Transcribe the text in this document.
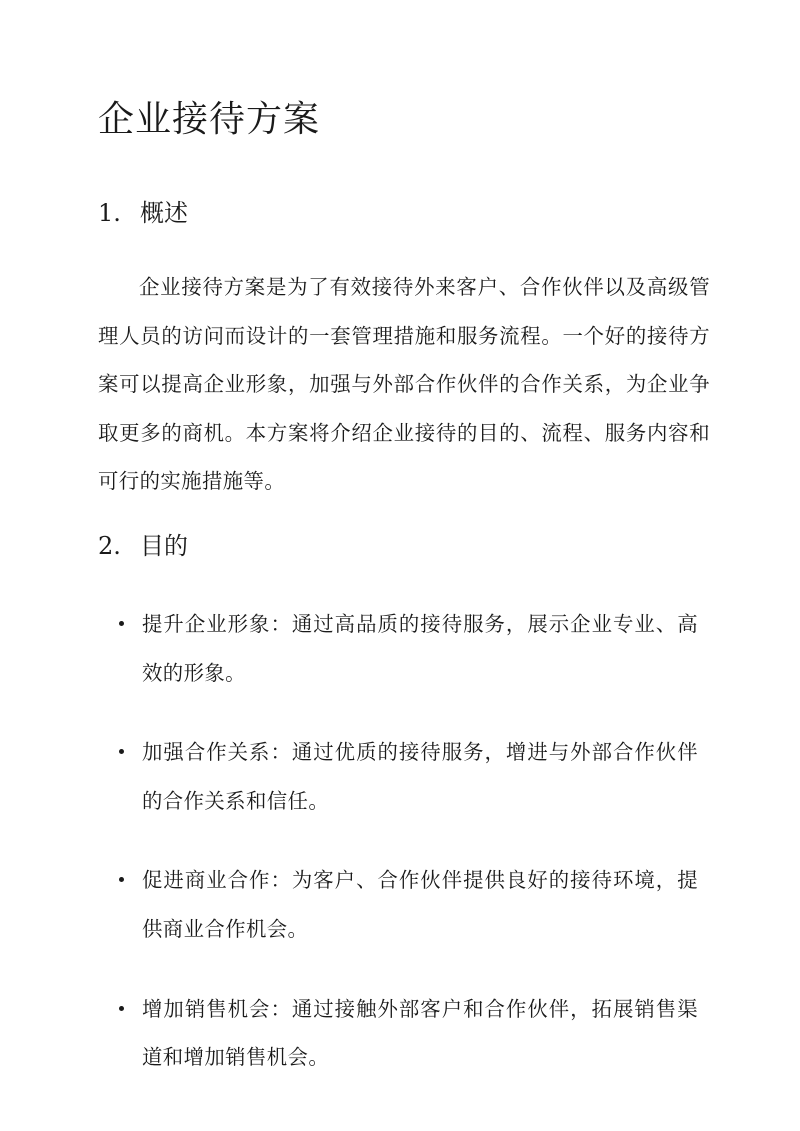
企业接待方案
1. 概述

企业接待方案是为了有效接待外来客户、合作伙伴以及高级管理人员的访问而设计的一套管理措施和服务流程。一个好的接待方案可以提高企业形象，加强与外部合作伙伴的合作关系，为企业争取更多的商机。本方案将介绍企业接待的目的、流程、服务内容和可行的实施措施等。

2. 目的
提升企业形象：通过高品质的接待服务，展示企业专业、高效的形象。
加强合作关系：通过优质的接待服务，增进与外部合作伙伴的合作关系和信任。
促进商业合作：为客户、合作伙伴提供良好的接待环境，提供商业合作机会。
增加销售机会：通过接触外部客户和合作伙伴，拓展销售渠道和增加销售机会。
